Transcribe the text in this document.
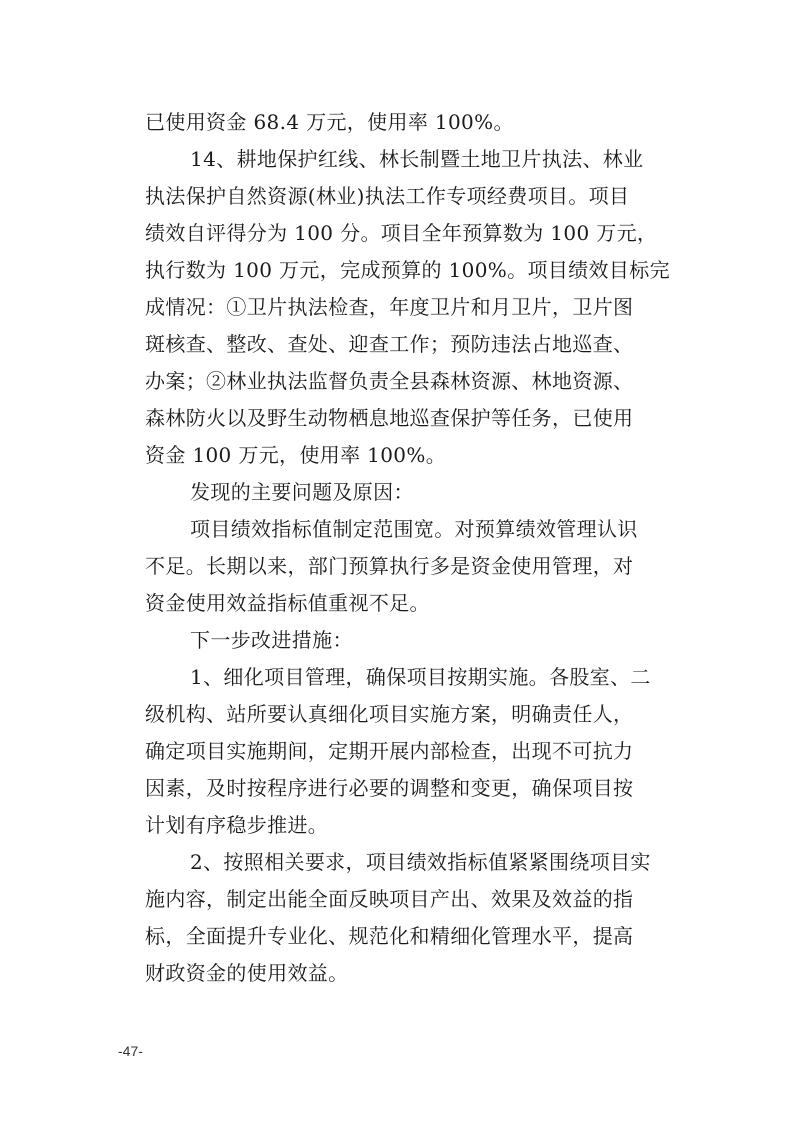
已使用资金 68.4 万元，使用率 100%。
14、耕地保护红线、林长制暨土地卫片执法、林业
执法保护自然资源(林业)执法工作专项经费项目。项目
绩效自评得分为 100 分。项目全年预算数为 100 万元，
执行数为 100 万元，完成预算的 100%。项目绩效目标完
成情况：①卫片执法检查，年度卫片和月卫片，卫片图
斑核查、整改、查处、迎查工作；预防违法占地巡查、
办案；②林业执法监督负责全县森林资源、林地资源、
森林防火以及野生动物栖息地巡查保护等任务，已使用
资金 100 万元，使用率 100%。
发现的主要问题及原因：
项目绩效指标值制定范围宽。对预算绩效管理认识
不足。长期以来，部门预算执行多是资金使用管理，对
资金使用效益指标值重视不足。
下一步改进措施：
1、细化项目管理，确保项目按期实施。各股室、二
级机构、站所要认真细化项目实施方案，明确责任人，
确定项目实施期间，定期开展内部检查，出现不可抗力
因素，及时按程序进行必要的调整和变更，确保项目按
计划有序稳步推进。
2、按照相关要求，项目绩效指标值紧紧围绕项目实
施内容，制定出能全面反映项目产出、效果及效益的指
标，全面提升专业化、规范化和精细化管理水平，提高
财政资金的使用效益。
-47-
